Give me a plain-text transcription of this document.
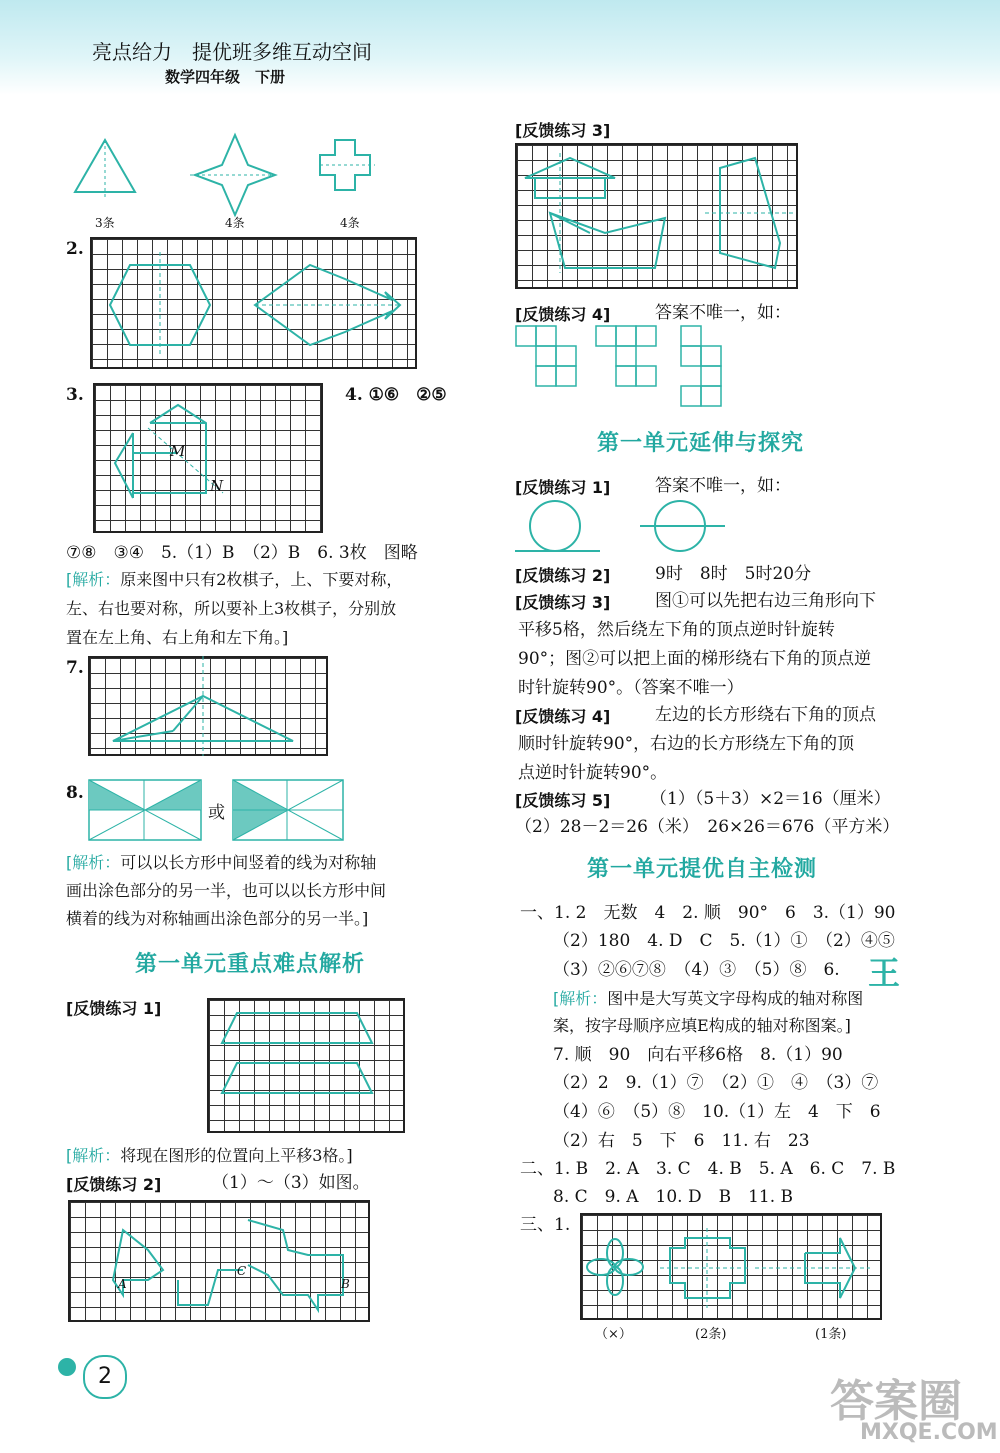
亮点给力　提优班多维互动空间
数学四年级　下册
3条	4条	4条
2.
3.
M
N
4. ①⑥　②⑤
⑦⑧　③④　5.（1）B　（2）B　6. 3枚　图略
[解析：原来图中只有2枚棋子，上、下要对称，
左、右也要对称，所以要补上3枚棋子，分别放
置在左上角、右上角和左下角。]
7.
8.
或
[解析：可以以长方形中间竖着的线为对称轴
画出涂色部分的另一半，也可以以长方形中间
横着的线为对称轴画出涂色部分的另一半。]
第一单元重点难点解析
[反馈练习 1]
[解析：将现在图形的位置向上平移3格。]
[反馈练习 2]	（1）～（3）如图。
A
C
B
[反馈练习 3]
[反馈练习 4]	答案不唯一，如：
第一单元延伸与探究
[反馈练习 1]	答案不唯一，如：
[反馈练习 2]	9时　8时　5时20分
[反馈练习 3]	图①可以先把右边三角形向下
平移5格，然后绕左下角的顶点逆时针旋转
90°；图②可以把上面的梯形绕右下角的顶点逆
时针旋转90°。（答案不唯一）
[反馈练习 4]	左边的长方形绕右下角的顶点
顺时针旋转90°，右边的长方形绕左下角的顶
点逆时针旋转90°。
[反馈练习 5] （1）（5＋3）×2＝16（厘米）
（2）28－2＝26（米）　26×26＝676（平方米）
第一单元提优自主检测
一、1. 2　无数　4　2. 顺　90°　6　3.（1）90
（2）180　4. D　C　5.（1）①　（2）④⑤
（3）②⑥⑦⑧　（4）③　（5）⑧　6. 王
[解析：图中是大写英文字母构成的轴对称图
案，按字母顺序应填E构成的轴对称图案。]
7. 顺　90　向右平移6格　8.（1）90
（2）2　9.（1）⑦　（2）①　④　（3）⑦
（4）⑥　（5）⑧　10.（1）左　4　下　6
（2）右　5　下　6　11. 右　23
二、1. B　2. A　3. C　4. B　5. A　6. C　7. B
8. C　9. A　10. D　B　11. B
三、1.
（×）	(2条)	(1条)
2	答案圈
MXQE.COM
